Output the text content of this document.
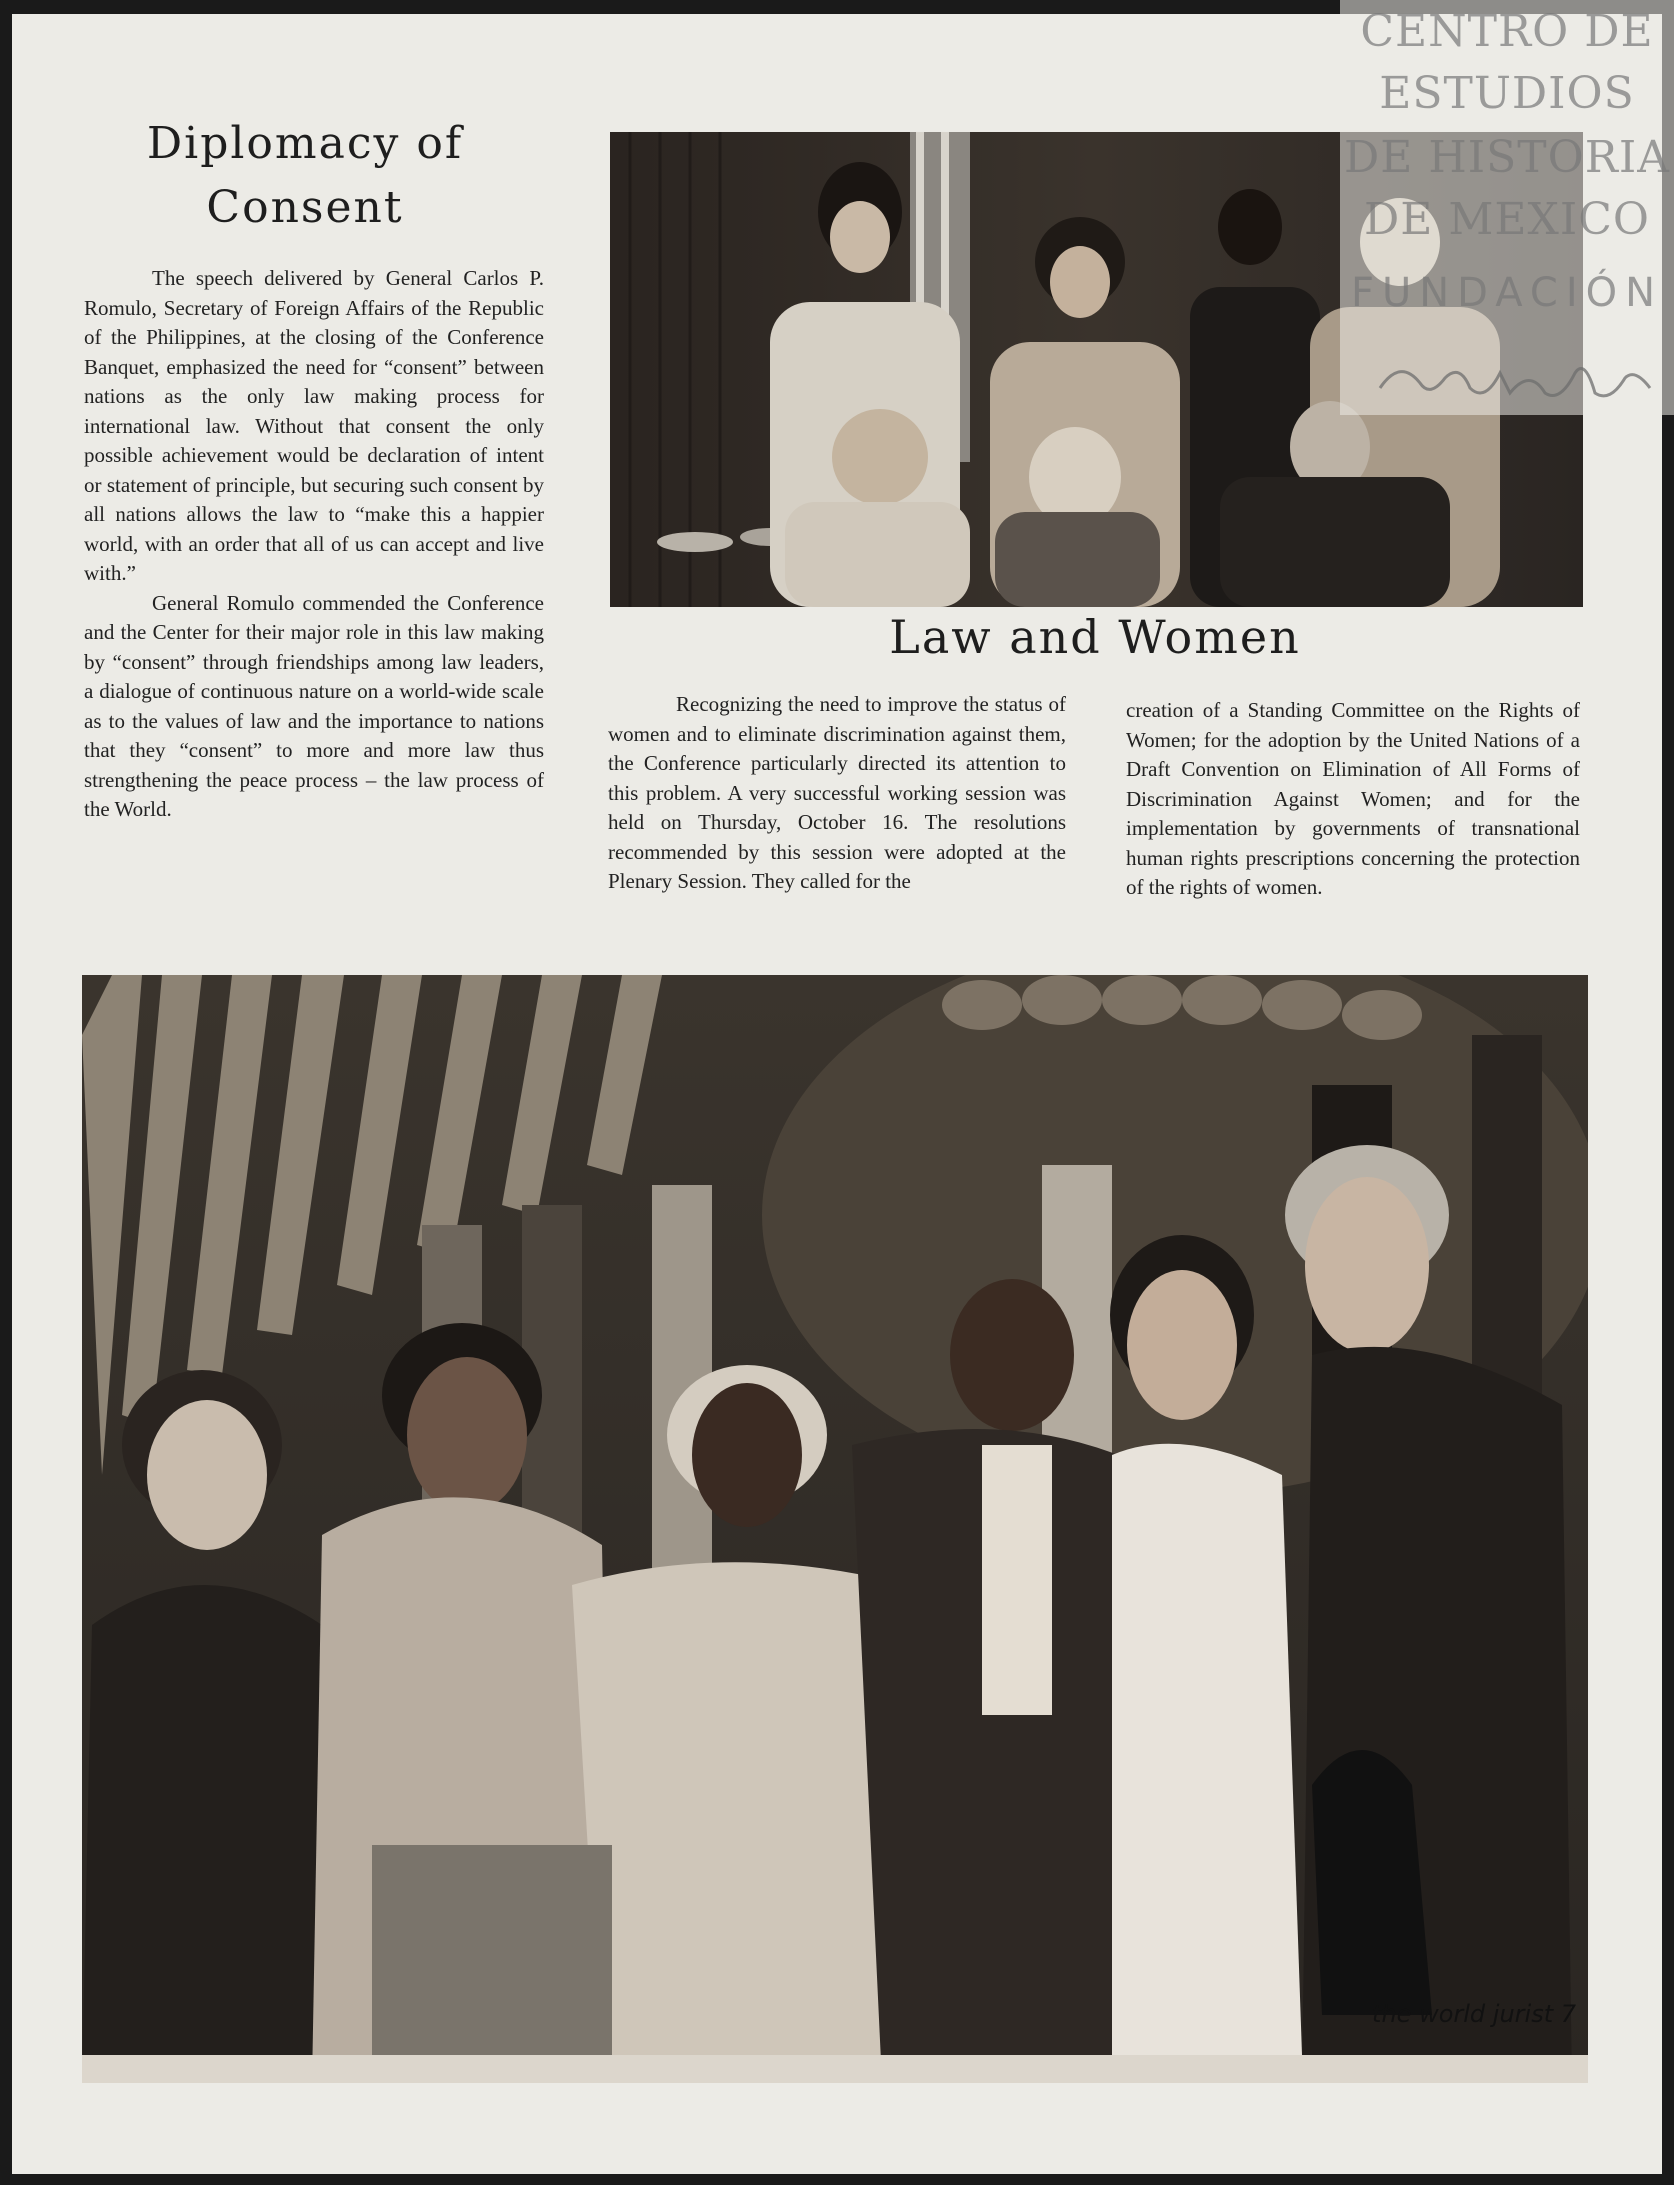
Diplomacy of Consent

The speech delivered by General Carlos P. Romulo, Secretary of Foreign Affairs of the Republic of the Philippines, at the closing of the Conference Banquet, emphasized the need for “consent” between nations as the only law making process for international law. Without that consent the only possible achievement would be declaration of intent or statement of principle, but securing such consent by all nations allows the law to “make this a happier world, with an order that all of us can accept and live with.”

General Romulo commended the Conference and the Center for their major role in this law making by “consent” through friendships among law leaders, a dialogue of continuous nature on a world-wide scale as to the values of law and the importance to nations that they “consent” to more and more law thus strengthening the peace process – the law process of the World.

Law and Women

Recognizing the need to improve the status of women and to eliminate discrimination against them, the Conference particularly directed its attention to this problem. A very successful working session was held on Thursday, October 16. The resolutions recommended by this session were adopted at the Plenary Session. They called for the

creation of a Standing Committee on the Rights of Women; for the adoption by the United Nations of a Draft Convention on Elimination of All Forms of Discrimination Against Women; and for the implementation by governments of transnational human rights prescriptions concerning the protection of the rights of women.

the world jurist 7
CENTRO DE
ESTUDIOS
DE HISTORIA
DE MEXICO
FUNDACIÓN
